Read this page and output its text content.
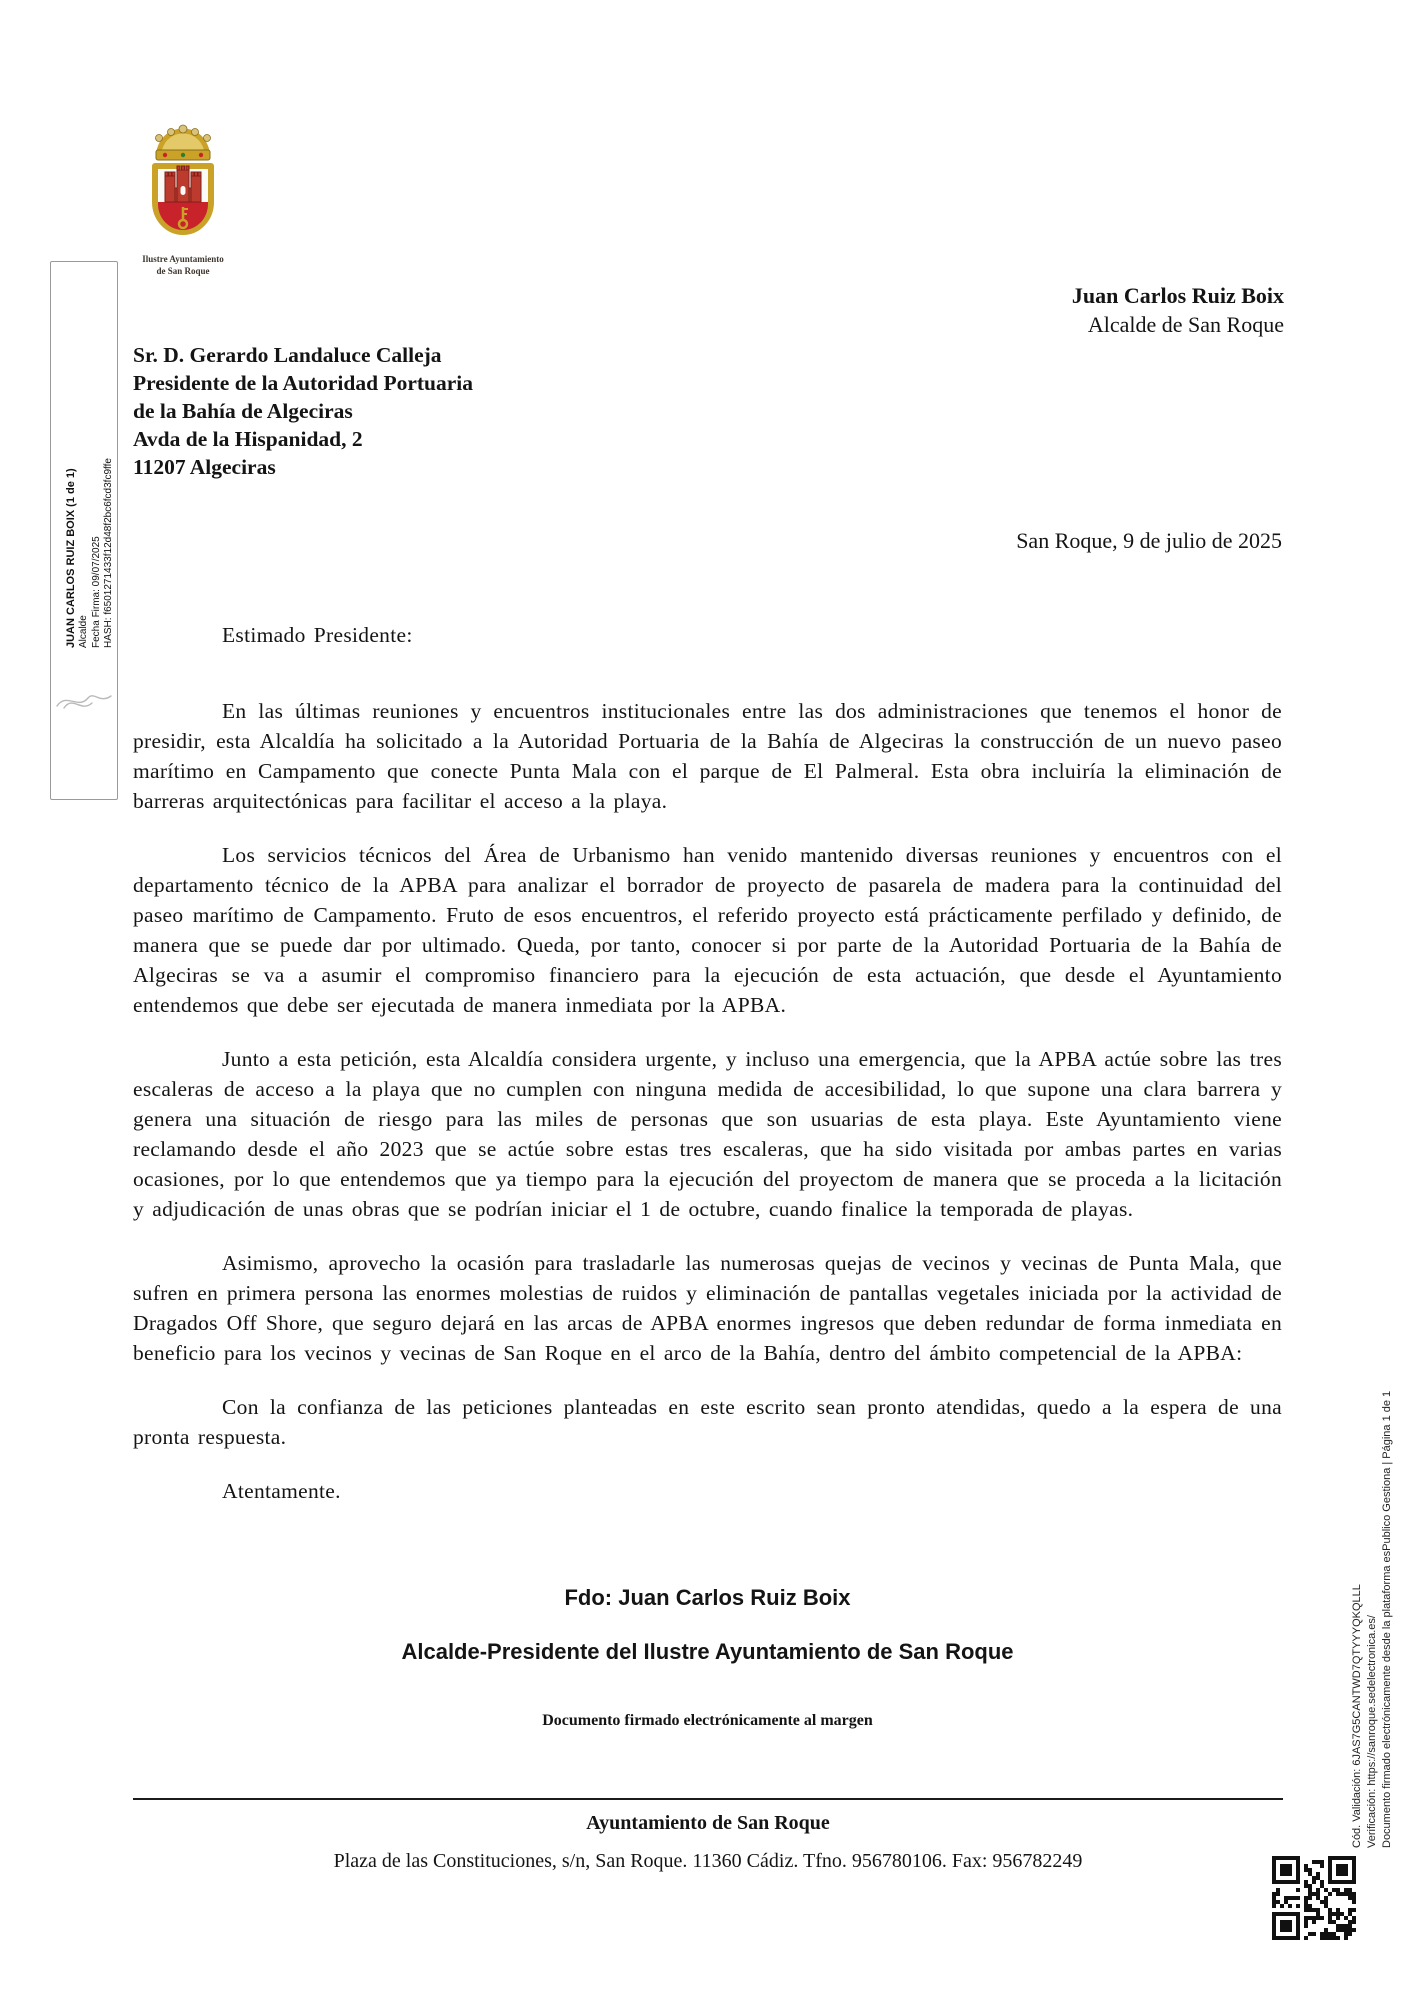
Ilustre Ayuntamiento
de San Roque
JUAN CARLOS RUIZ BOIX (1 de 1) Alcalde Fecha Firma: 09/07/2025 HASH: f6501271433f12d48f2bc6fcd3fc9ffe
Juan Carlos Ruiz Boix
Alcalde de San Roque
Sr. D. Gerardo Landaluce Calleja
Presidente de la Autoridad Portuaria
de la Bahía de Algeciras
Avda de la Hispanidad, 2
11207 Algeciras
San Roque, 9 de julio de 2025

Estimado Presidente:

En las últimas reuniones y encuentros institucionales entre las dos administraciones que tenemos el honor de presidir, esta Alcaldía ha solicitado a la Autoridad Portuaria de la Bahía de Algeciras la construcción de un nuevo paseo marítimo en Campamento que conecte Punta Mala con el parque de El Palmeral. Esta obra incluiría la eliminación de barreras arquitectónicas para facilitar el acceso a la playa.

Los servicios técnicos del Área de Urbanismo han venido mantenido diversas reuniones y encuentros con el departamento técnico de la APBA para analizar el borrador de proyecto de pasarela de madera para la continuidad del paseo marítimo de Campamento. Fruto de esos encuentros, el referido proyecto está prácticamente perfilado y definido, de manera que se puede dar por ultimado. Queda, por tanto, conocer si por parte de la Autoridad Portuaria de la Bahía de Algeciras se va a asumir el compromiso financiero para la ejecución de esta actuación, que desde el Ayuntamiento entendemos que debe ser ejecutada de manera inmediata por la APBA.

Junto a esta petición, esta Alcaldía considera urgente, y incluso una emergencia, que la APBA actúe sobre las tres escaleras de acceso a la playa que no cumplen con ninguna medida de accesibilidad, lo que supone una clara barrera y genera una situación de riesgo para las miles de personas que son usuarias de esta playa. Este Ayuntamiento viene reclamando desde el año 2023 que se actúe sobre estas tres escaleras, que ha sido visitada por ambas partes en varias ocasiones, por lo que entendemos que ya tiempo para la ejecución del proyectom de manera que se proceda a la licitación y adjudicación de unas obras que se podrían iniciar el 1 de octubre, cuando finalice la temporada de playas.

Asimismo, aprovecho la ocasión para trasladarle las numerosas quejas de vecinos y vecinas de Punta Mala, que sufren en primera persona las enormes molestias de ruidos y eliminación de pantallas vegetales iniciada por la actividad de Dragados Off Shore, que seguro dejará en las arcas de APBA enormes ingresos que deben redundar de forma inmediata en beneficio para los vecinos y vecinas de San Roque en el arco de la Bahía, dentro del ámbito competencial de la APBA:

Con la confianza de las peticiones planteadas en este escrito sean pronto atendidas, quedo a la espera de una pronta respuesta.

Atentamente.

Fdo: Juan Carlos Ruiz Boix
Alcalde-Presidente del Ilustre Ayuntamiento de San Roque
Documento firmado electrónicamente al margen
Ayuntamiento de San Roque
Plaza de las Constituciones, s/n, San Roque. 11360 Cádiz. Tfno. 956780106. Fax: 956782249
Cód. Validación: 6JAS7G5CANTWD7QTYYYQKQLLL Verificación: https://sanroque.sedelectronica.es/ Documento firmado electrónicamente desde la plataforma esPublico Gestiona | Página 1 de 1
